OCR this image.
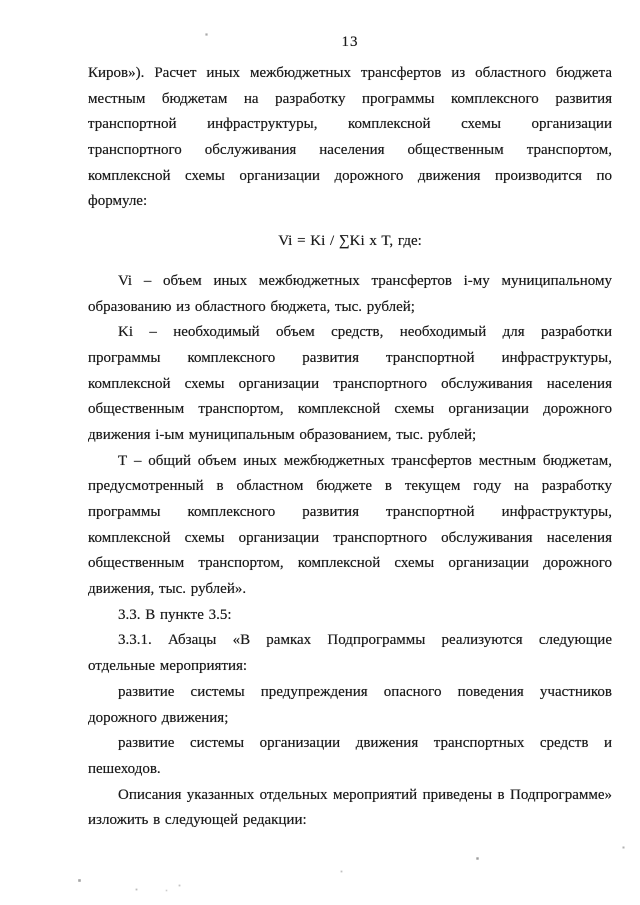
13
Киров»). Расчет иных межбюджетных трансфертов из областного бюджета
местным бюджетам на разработку программы комплексного развития
транспортной инфраструктуры, комплексной схемы организации
транспортного обслуживания населения общественным транспортом,
комплексной схемы организации дорожного движения производится по
формуле:
Vi = Ki / ∑Ki x T, где:
Vi – объем иных межбюджетных трансфертов i-му муниципальному
образованию из областного бюджета, тыс. рублей;
Ki – необходимый объем средств, необходимый для разработки
программы комплексного развития транспортной инфраструктуры,
комплексной схемы организации транспортного обслуживания населения
общественным транспортом, комплексной схемы организации дорожного
движения i-ым муниципальным образованием, тыс. рублей;
Т – общий объем иных межбюджетных трансфертов местным бюджетам,
предусмотренный в областном бюджете в текущем году на разработку
программы комплексного развития транспортной инфраструктуры,
комплексной схемы организации транспортного обслуживания населения
общественным транспортом, комплексной схемы организации дорожного
движения, тыс. рублей».
3.3. В пункте 3.5:
3.3.1. Абзацы «В рамках Подпрограммы реализуются следующие
отдельные мероприятия:
развитие системы предупреждения опасного поведения участников
дорожного движения;
развитие системы организации движения транспортных средств и
пешеходов.
Описания указанных отдельных мероприятий приведены в Подпрограмме»
изложить в следующей редакции:
